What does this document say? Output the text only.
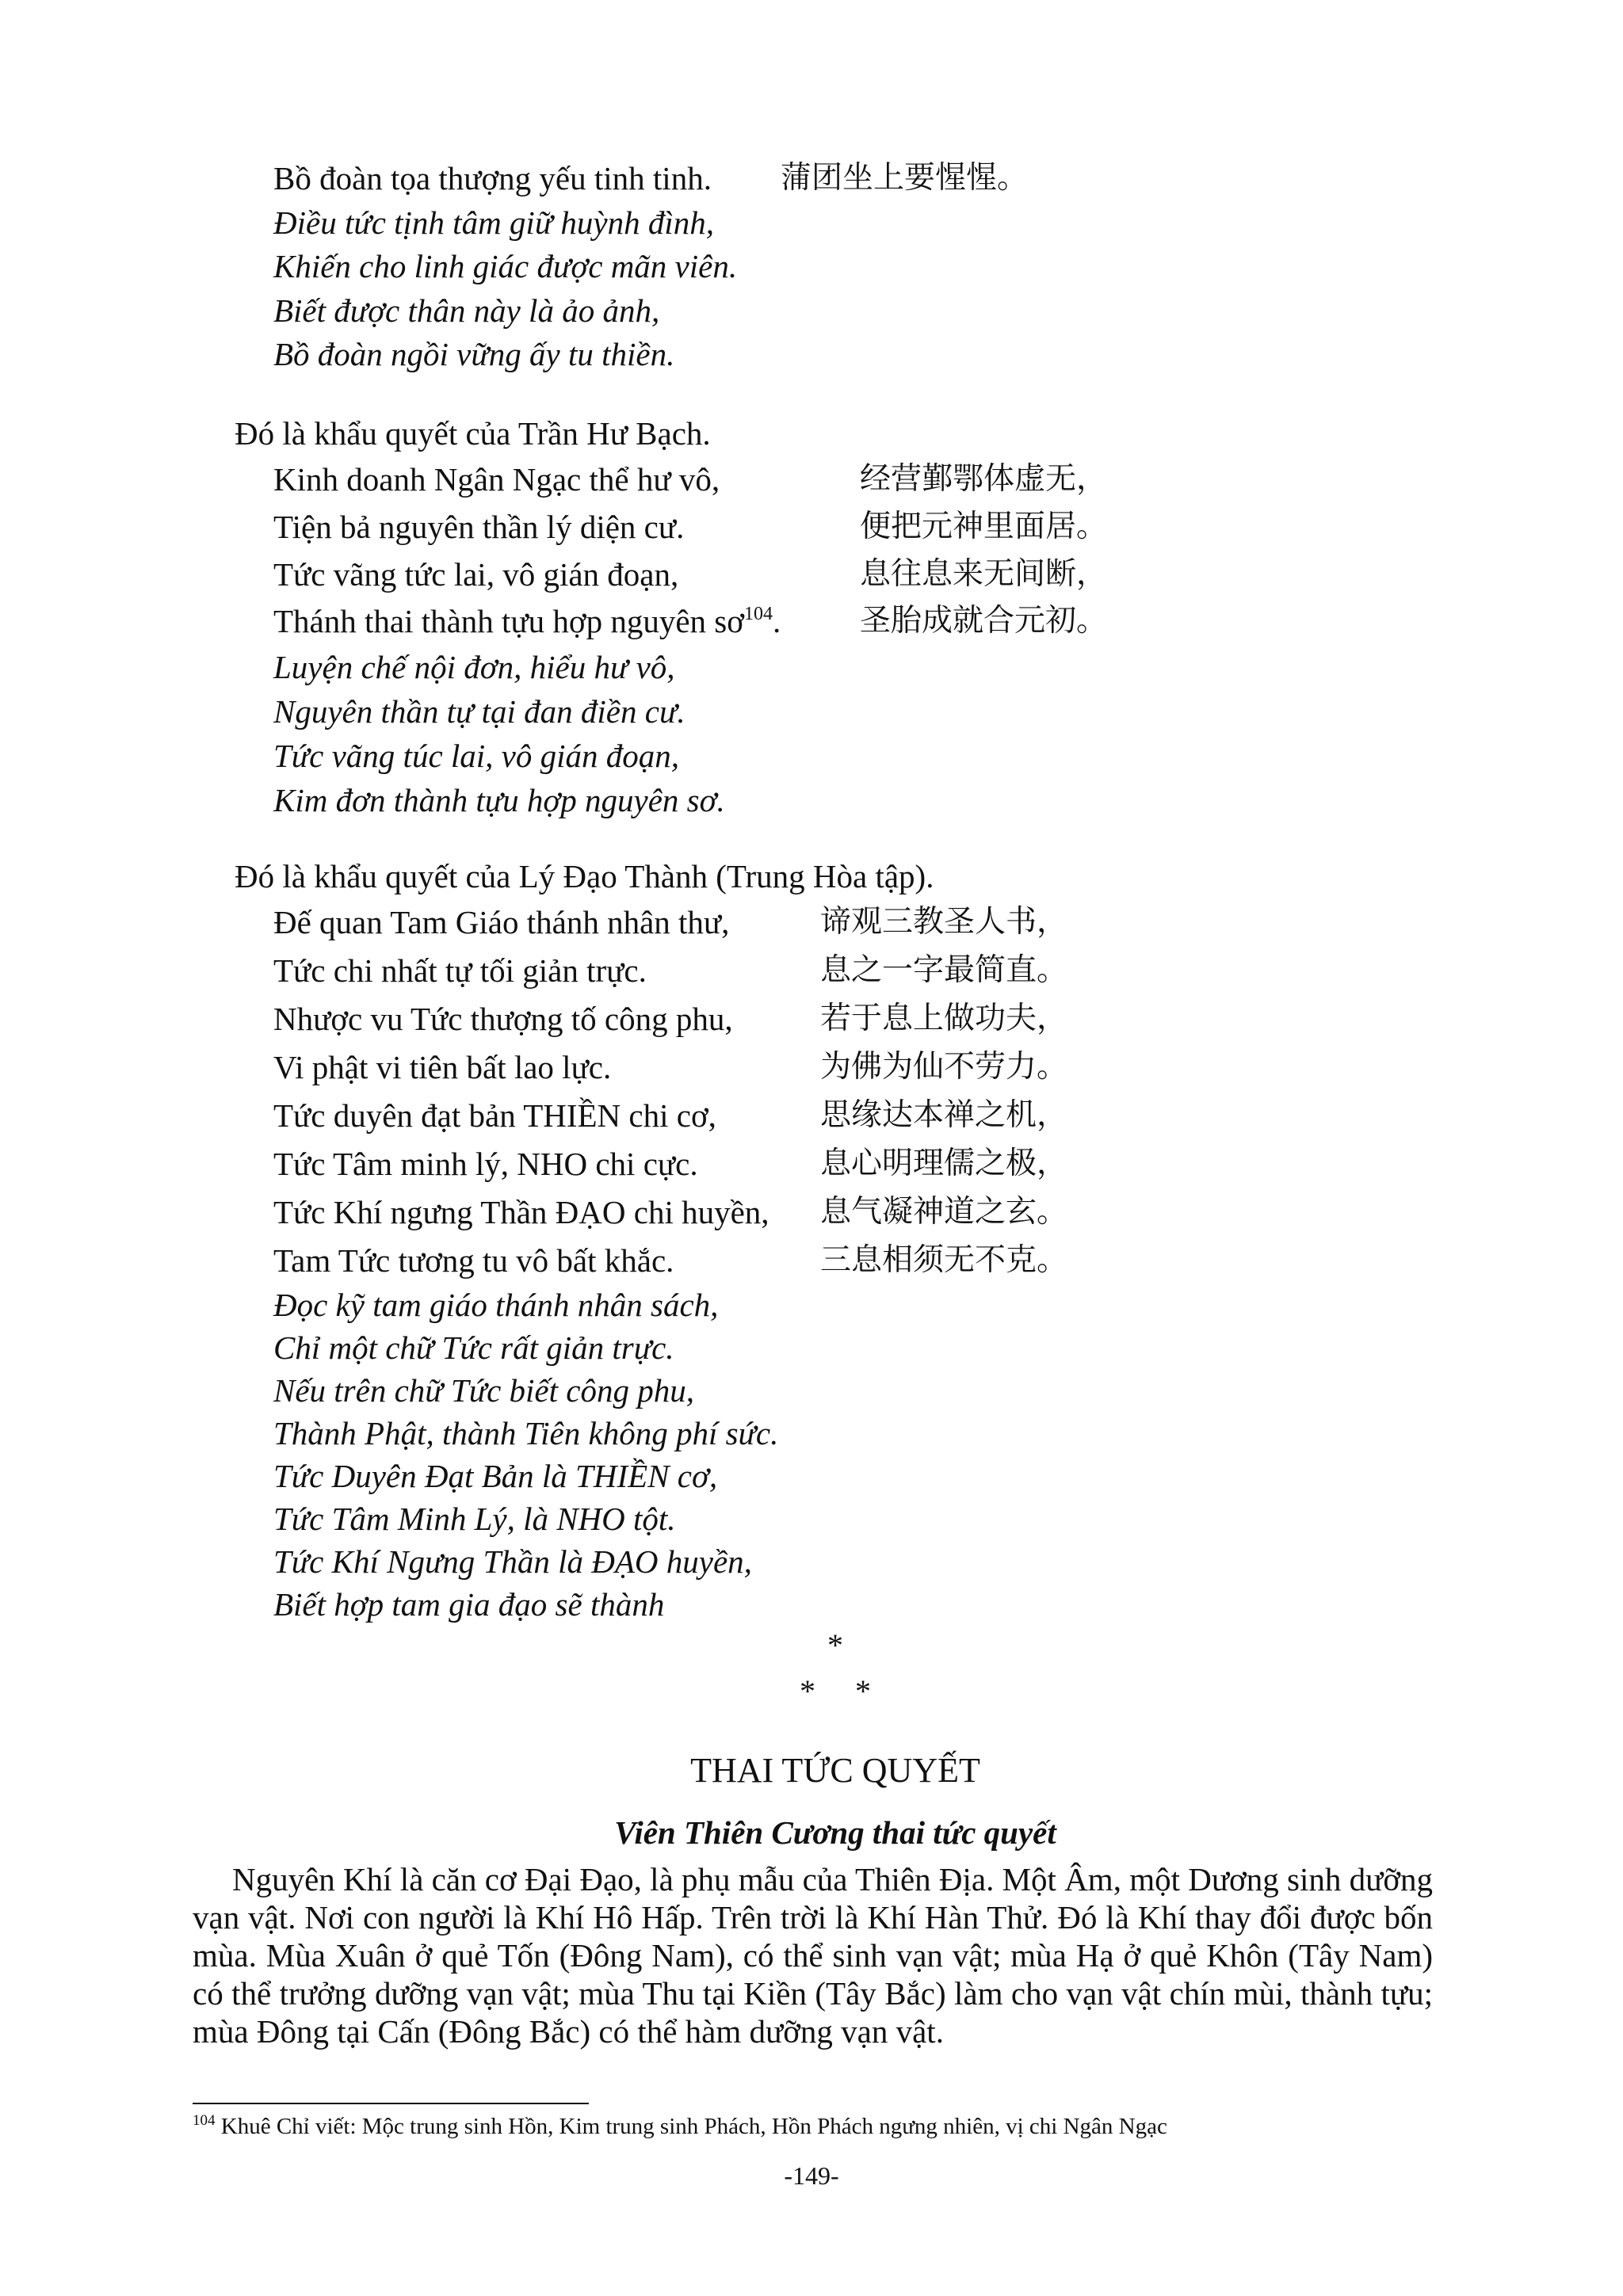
Bồ đoàn tọa thượng yếu tinh tinh. 蒲团坐上要惺惺。
Điều tức tịnh tâm giữ huỳnh đình,
Khiến cho linh giác được mãn viên.
Biết được thân này là ảo ảnh,
Bồ đoàn ngồi vững ấy tu thiền.
Đó là khẩu quyết của Trần Hư Bạch.
Kinh doanh Ngân Ngạc thể hư vô,
Tiện bả nguyên thần lý diện cư.
Tức vãng tức lai, vô gián đoạn,
Thánh thai thành tựu hợp nguyên $sơ^{104}$.
经营鄞鄂体虚无，
便把元神里面居。
息往息来无间断，
圣胎成就合元初。
Luyện chế nội đơn, hiểu hư vô,
Nguyên thần tự tại đan điền cư.
Tức vãng túc lai, vô gián đoạn,
Kim đơn thành tựu hợp nguyên sơ.
Đó là khẩu quyết của Lý Đạo Thành (Trung Hòa tập).
Đế quan Tam Giáo thánh nhân thư,
Tức chi nhất tự tối giản trực.
Nhược vu Tức thượng tố công phu,
Vi phật vi tiên bất lao lực.
Tức duyên đạt bản THIỀN chi cơ,
Tức Tâm minh lý, NHO chi cực.
Tức Khí ngưng Thần ĐẠO chi huyền,
Tam Tức tương tu vô bất khắc.
谛观三教圣人书，
息之一字最简直。
若于息上做功夫，
为佛为仙不劳力。
思缘达本禅之机，
息心明理儒之极，
息气凝神道之玄。
三息相须无不克。
Đọc kỹ tam giáo thánh nhân sách,
Chỉ một chữ Tức rất giản trực.
Nếu trên chữ Tức biết công phu,
Thành Phật, thành Tiên không phí sức.
Tức Duyên Đạt Bản là THIỀN cơ,
Tức Tâm Minh Lý, là NHO tột.
Tức Khí Ngưng Thần là ĐẠO huyền,
Biết hợp tam gia đạo sẽ thành
*
*     *
THAI TỨC QUYẾT
Viên Thiên Cương thai tức quyết
Nguyên Khí là căn cơ Đại Đạo, là phụ mẫu của Thiên Địa. Một Âm, một Dương sinh dưỡng vạn vật. Nơi con người là Khí Hô Hấp. Trên trời là Khí Hàn Thử. Đó là Khí thay đổi được bốn mùa. Mùa Xuân ở quẻ Tốn (Đông Nam), có thể sinh vạn vật; mùa Hạ ở quẻ Khôn (Tây Nam) có thể trưởng dưỡng vạn vật; mùa Thu tại Kiền (Tây Bắc) làm cho vạn vật chín mùi, thành tựu; mùa Đông tại Cấn (Đông Bắc) có thể hàm dưỡng vạn vật.
$^{104}$ Khuê Chỉ viết: Mộc trung sinh Hồn, Kim trung sinh Phách, Hồn Phách ngưng nhiên, vị chi Ngân Ngạc
-149-
